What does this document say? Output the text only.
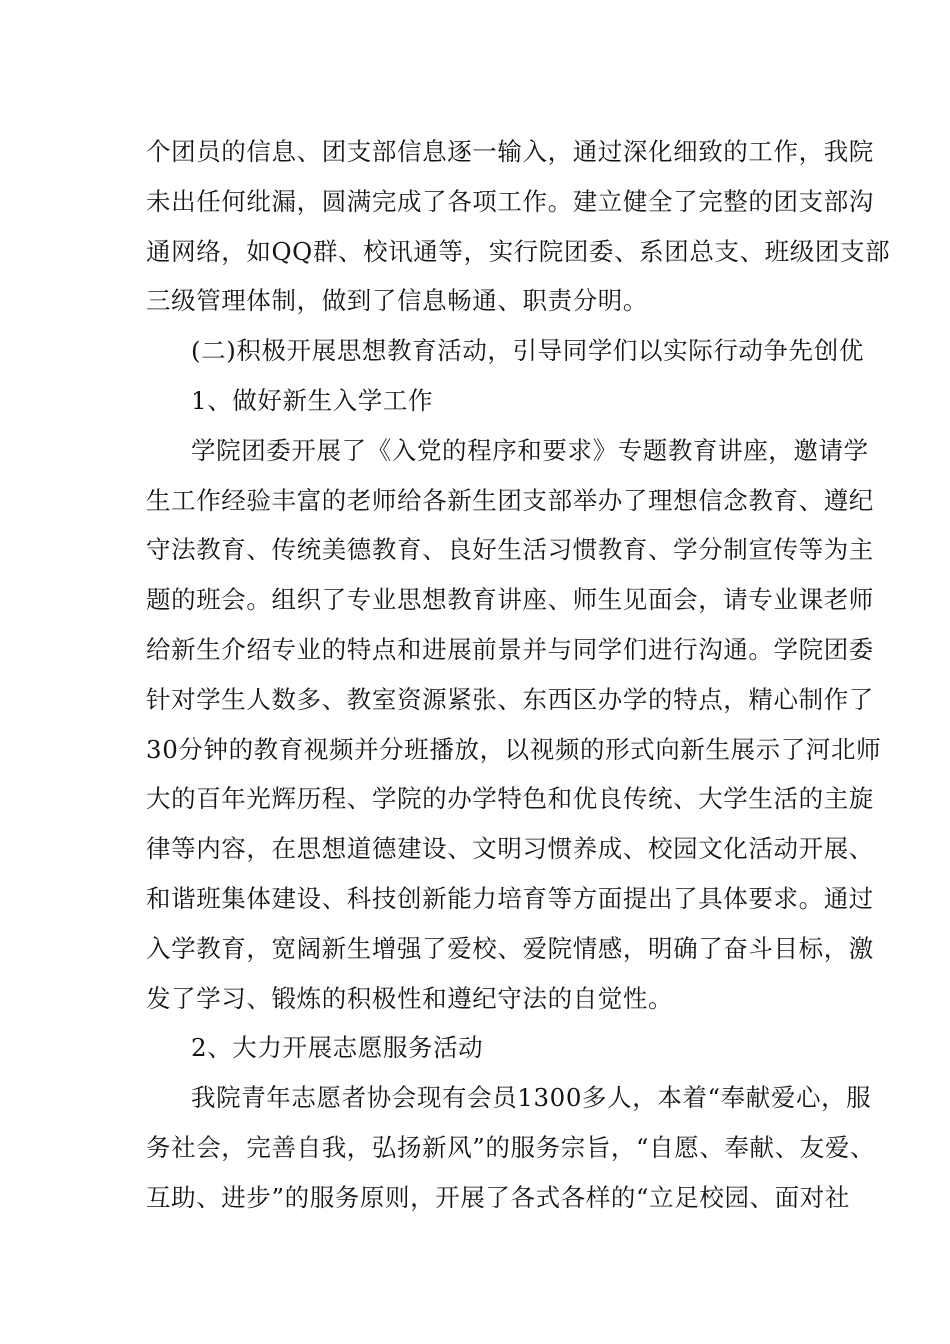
个团员的信息、团支部信息逐一输入，通过深化细致的工作，我院
未出任何纰漏，圆满完成了各项工作。建立健全了完整的团支部沟
通网络，如QQ群、校讯通等，实行院团委、系团总支、班级团支部
三级管理体制，做到了信息畅通、职责分明。
(二)积极开展思想教育活动，引导同学们以实际行动争先创优
1、做好新生入学工作
学院团委开展了《入党的程序和要求》专题教育讲座，邀请学
生工作经验丰富的老师给各新生团支部举办了理想信念教育、遵纪
守法教育、传统美德教育、良好生活习惯教育、学分制宣传等为主
题的班会。组织了专业思想教育讲座、师生见面会，请专业课老师
给新生介绍专业的特点和进展前景并与同学们进行沟通。学院团委
针对学生人数多、教室资源紧张、东西区办学的特点，精心制作了
30分钟的教育视频并分班播放，以视频的形式向新生展示了河北师
大的百年光辉历程、学院的办学特色和优良传统、大学生活的主旋
律等内容，在思想道德建设、文明习惯养成、校园文化活动开展、
和谐班集体建设、科技创新能力培育等方面提出了具体要求。通过
入学教育，宽阔新生增强了爱校、爱院情感，明确了奋斗目标，激
发了学习、锻炼的积极性和遵纪守法的自觉性。
2、大力开展志愿服务活动
我院青年志愿者协会现有会员1300多人，本着“奉献爱心，服
务社会，完善自我，弘扬新风”的服务宗旨，“自愿、奉献、友爱、
互助、进步”的服务原则，开展了各式各样的“立足校园、面对社
